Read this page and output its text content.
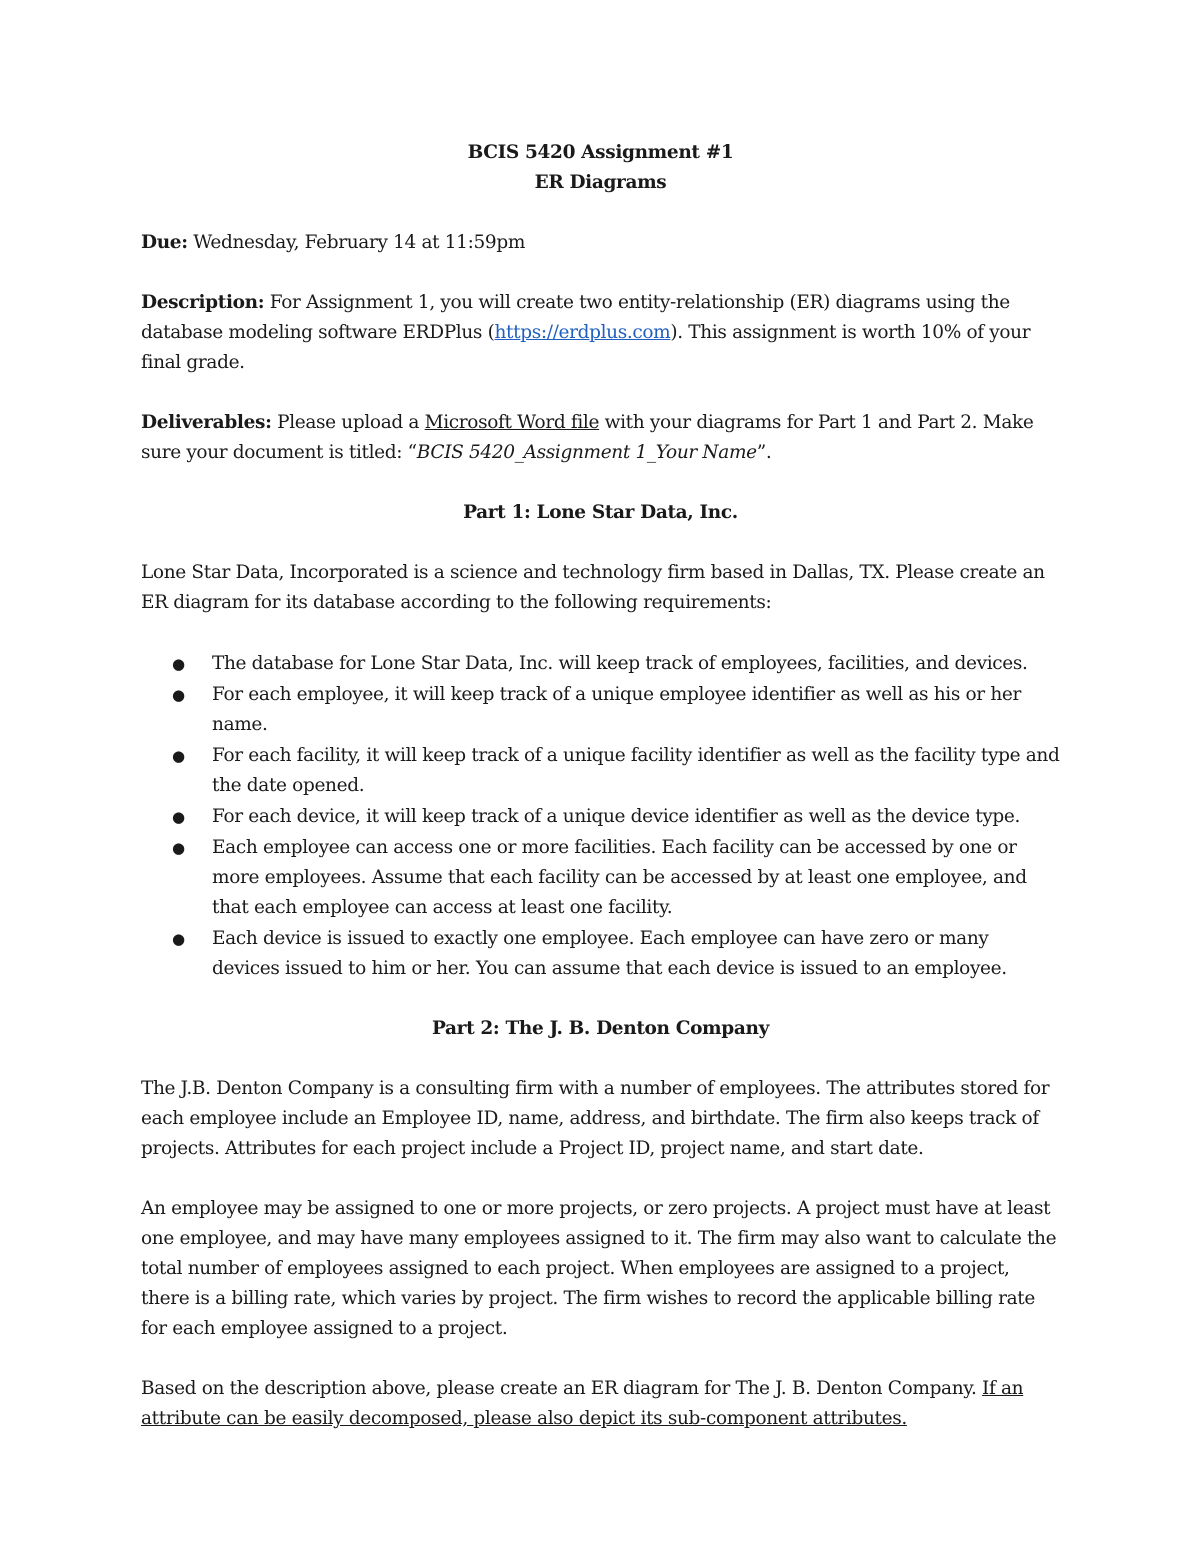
BCIS 5420 Assignment #1

ER Diagrams

Due: Wednesday, February 14 at 11:59pm

Description: For Assignment 1, you will create two entity-relationship (ER) diagrams using the database modeling software ERDPlus (https://erdplus.com). This assignment is worth 10% of your final grade.

Deliverables: Please upload a Microsoft Word file with your diagrams for Part 1 and Part 2. Make sure your document is titled: “BCIS 5420_Assignment 1_Your Name”.

Part 1: Lone Star Data, Inc.

Lone Star Data, Incorporated is a science and technology firm based in Dallas, TX. Please create an ER diagram for its database according to the following requirements:

● The database for Lone Star Data, Inc. will keep track of employees, facilities, and devices.
● For each employee, it will keep track of a unique employee identifier as well as his or her name.
● For each facility, it will keep track of a unique facility identifier as well as the facility type and the date opened.
● For each device, it will keep track of a unique device identifier as well as the device type.
● Each employee can access one or more facilities. Each facility can be accessed by one or more employees. Assume that each facility can be accessed by at least one employee, and that each employee can access at least one facility.
● Each device is issued to exactly one employee. Each employee can have zero or many devices issued to him or her. You can assume that each device is issued to an employee.

Part 2: The J. B. Denton Company

The J.B. Denton Company is a consulting firm with a number of employees. The attributes stored for each employee include an Employee ID, name, address, and birthdate. The firm also keeps track of projects. Attributes for each project include a Project ID, project name, and start date.

An employee may be assigned to one or more projects, or zero projects. A project must have at least one employee, and may have many employees assigned to it. The firm may also want to calculate the total number of employees assigned to each project. When employees are assigned to a project, there is a billing rate, which varies by project. The firm wishes to record the applicable billing rate for each employee assigned to a project.

Based on the description above, please create an ER diagram for The J. B. Denton Company. If an attribute can be easily decomposed, please also depict its sub-component attributes.
